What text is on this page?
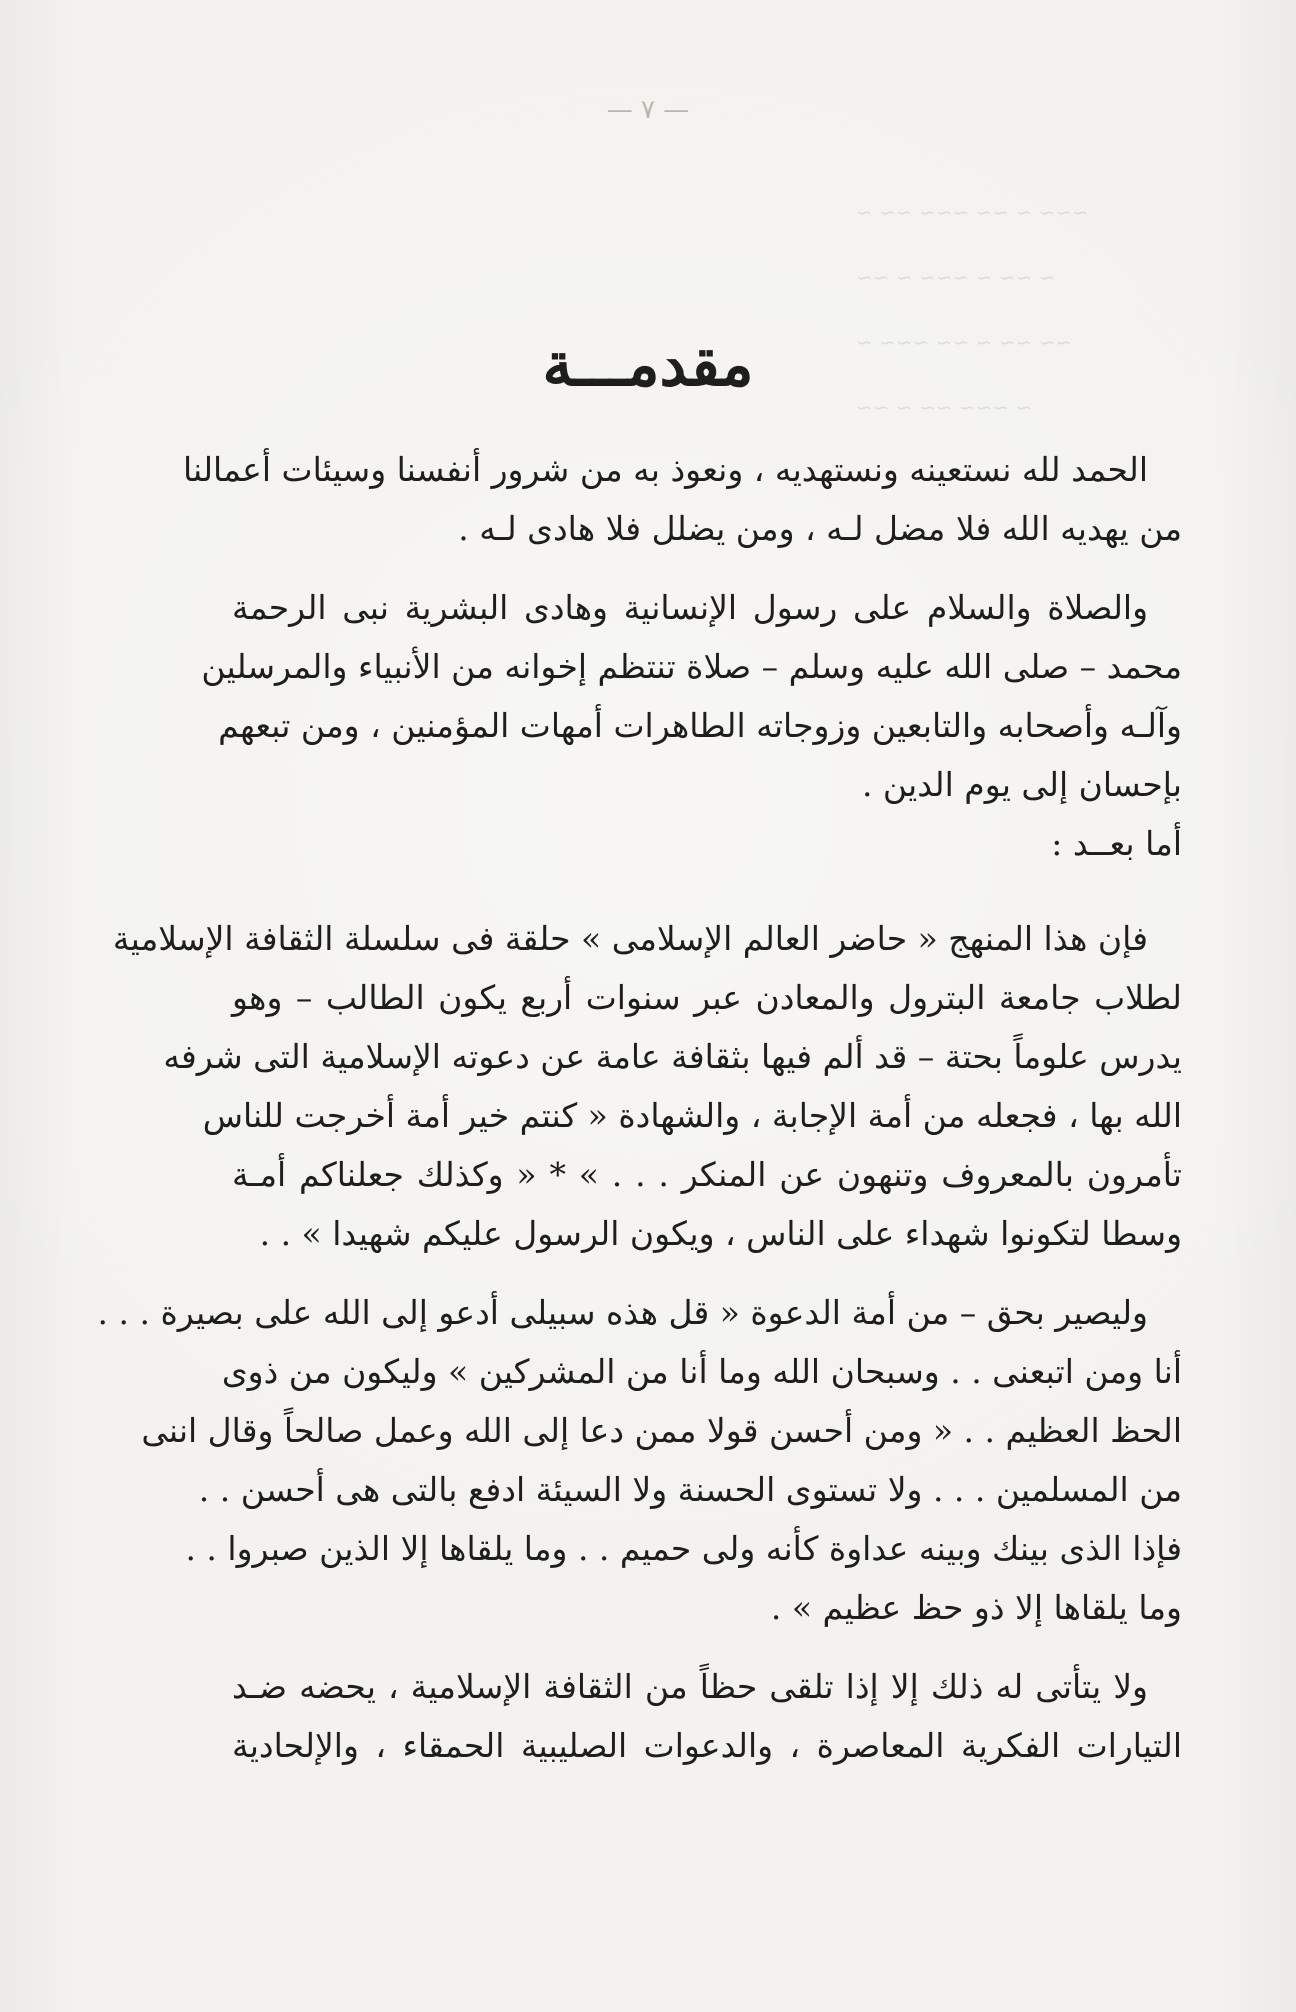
— ٧ —
~ ~~ ~~~ ~~ ~ ~~~
~~ ~ ~~~ ~ ~~ ~
~ ~~~ ~~ ~ ~~ ~~
~~ ~ ~~ ~~~ ~
مقدمـــة
الحمد لله نستعينه ونستهديه ، ونعوذ به من شرور أنفسنا وسيئات أعمالنا
من يهديه الله فلا مضل لـه ، ومن يضلل فلا هادى لـه .
والصلاة والسلام على رسول الإنسانية وهادى البشرية نبى الرحمة
محمد – صلى الله عليه وسلم – صلاة تنتظم إخوانه من الأنبياء والمرسلين
وآلـه وأصحابه والتابعين وزوجاته الطاهرات أمهات المؤمنين ، ومن تبعهم
بإحسان إلى يوم الدين .
أما بعــد :
فإن هذا المنهج « حاضر العالم الإسلامى » حلقة فى سلسلة الثقافة الإسلامية
لطلاب جامعة البترول والمعادن عبر سنوات أربع يكون الطالب – وهو
يدرس علوماً بحتة – قد ألم فيها بثقافة عامة عن دعوته الإسلامية التى شرفه
الله بها ، فجعله من أمة الإجابة ، والشهادة « كنتم خير أمة أخرجت للناس
تأمرون بالمعروف وتنهون عن المنكر . . . » * « وكذلك جعلناكم أمـة
وسطا لتكونوا شهداء على الناس ، ويكون الرسول عليكم شهيدا » . .
وليصير بحق – من أمة الدعوة « قل هذه سبيلى أدعو إلى الله على بصيرة . . .
أنا ومن اتبعنى . . وسبحان الله وما أنا من المشركين » وليكون من ذوى
الحظ العظيم . . « ومن أحسن قولا ممن دعا إلى الله وعمل صالحاً وقال اننى
من المسلمين . . . ولا تستوى الحسنة ولا السيئة ادفع بالتى هى أحسن . .
فإذا الذى بينك وبينه عداوة كأنه ولى حميم . . وما يلقاها إلا الذين صبروا . .
وما يلقاها إلا ذو حظ عظيم » .
ولا يتأتى له ذلك إلا إذا تلقى حظاً من الثقافة الإسلامية ، يحضه ضـد
التيارات الفكرية المعاصرة ، والدعوات الصليبية الحمقاء ، والإلحادية
